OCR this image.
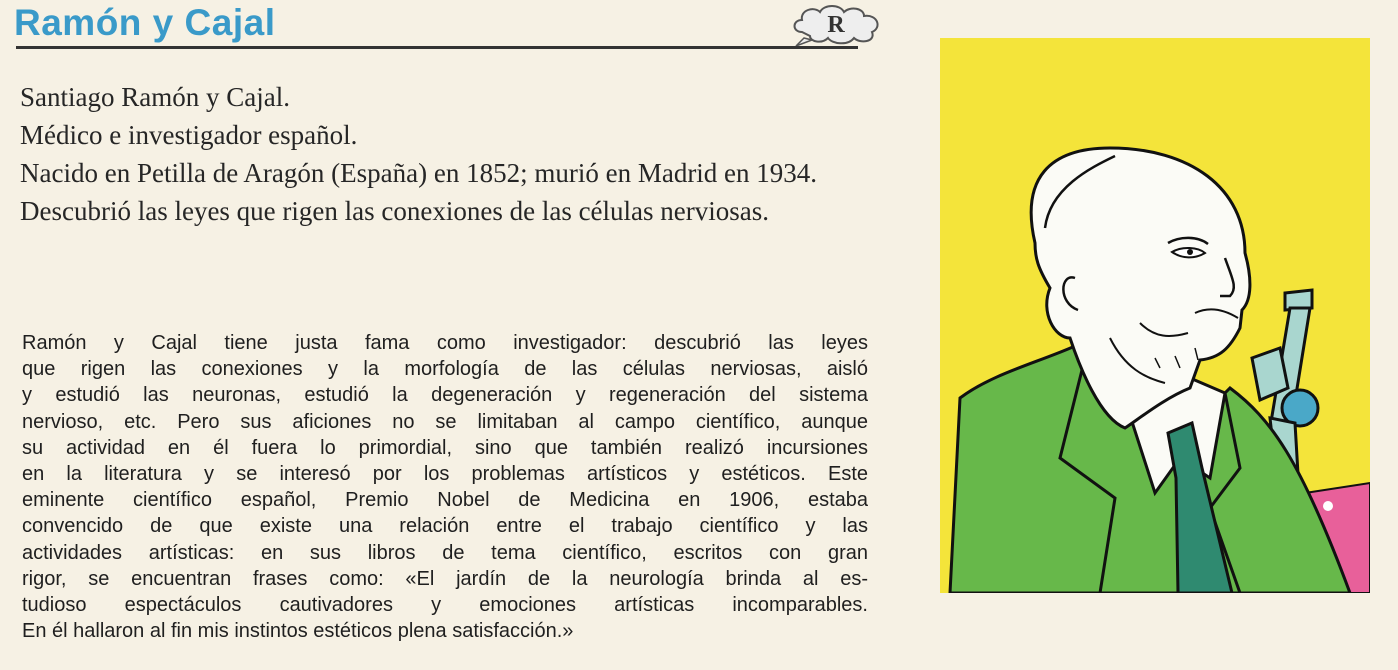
Ramón y Cajal	R

Santiago Ramón y Cajal.

Médico e investigador español.

Nacido en Petilla de Aragón (España) en 1852; murió en Madrid en 1934.

Descubrió las leyes que rigen las conexiones de las células nerviosas.

Ramón y Cajal tiene justa fama como investigador: descubrió las leyes
que rigen las conexiones y la morfología de las células nerviosas, aisló
y estudió las neuronas, estudió la degeneración y regeneración del sistema
nervioso, etc. Pero sus aficiones no se limitaban al campo científico, aunque
su actividad en él fuera lo primordial, sino que también realizó incursiones
en la literatura y se interesó por los problemas artísticos y estéticos. Este
eminente científico español, Premio Nobel de Medicina en 1906, estaba
convencido de que existe una relación entre el trabajo científico y las
actividades artísticas: en sus libros de tema científico, escritos con gran
rigor, se encuentran frases como: «El jardín de la neurología brinda al es-
tudioso espectáculos cautivadores y emociones artísticas incomparables.
En él hallaron al fin mis instintos estéticos plena satisfacción.»
